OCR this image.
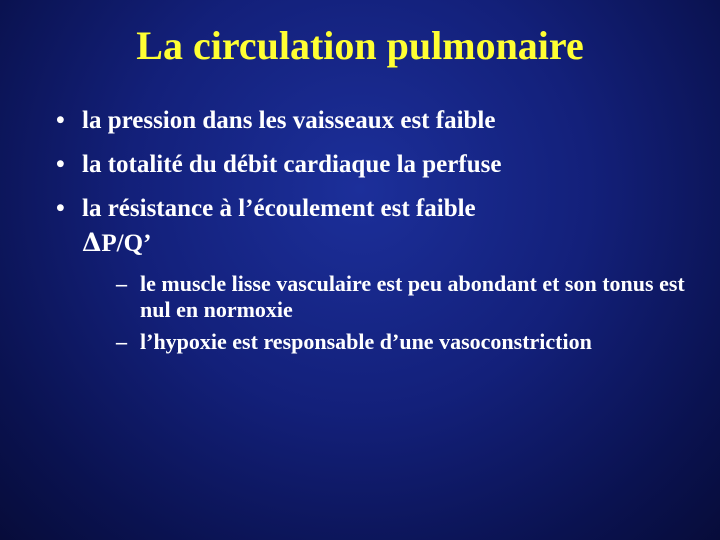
La circulation pulmonaire
• la pression dans les vaisseaux est faible
• la totalité du débit cardiaque la perfuse
• la résistance à l’écoulement est faible
ΔP/Q’
– le muscle lisse vasculaire est peu abondant et son tonus est nul en normoxie
– l’hypoxie est responsable d’une vasoconstriction
